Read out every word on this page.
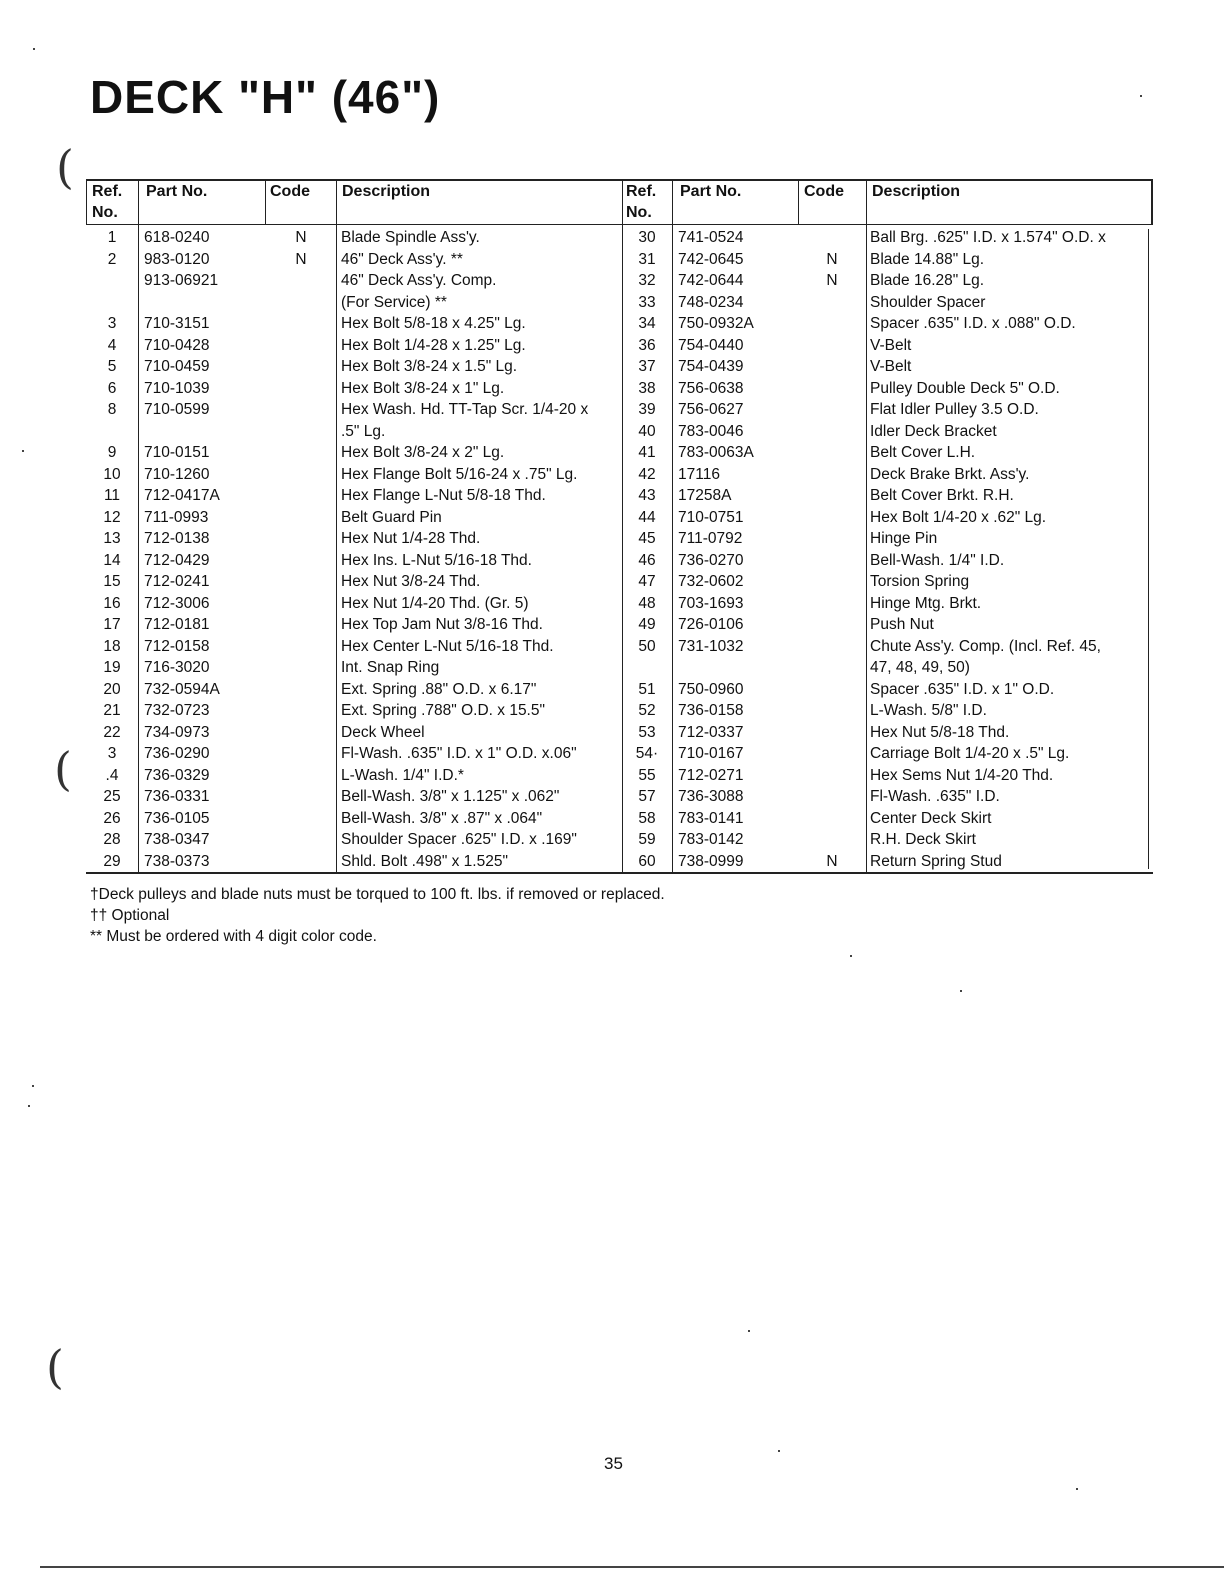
DECK "H" (46")
Ref.
No.
Part No.	Code Description
1	618-0240	N	Blade Spindle Ass'y.
2	983-0120	N	46" Deck Ass'y. **
913-06921	46" Deck Ass'y. Comp.
(For Service) **
3	710-3151	Hex Bolt 5/8-18 x 4.25" Lg.
4	710-0428	Hex Bolt 1/4-28 x 1.25" Lg.
5	710-0459	Hex Bolt 3/8-24 x 1.5" Lg.
6	710-1039	Hex Bolt 3/8-24 x 1" Lg.
8	710-0599	Hex Wash. Hd. TT-Tap Scr. 1/4-20 x
.5" Lg.
9	710-0151	Hex Bolt 3/8-24 x 2" Lg.
10	710-1260	Hex Flange Bolt 5/16-24 x .75" Lg.
11	712-0417A	Hex Flange L-Nut 5/8-18 Thd.
12	711-0993	Belt Guard Pin
13	712-0138	Hex Nut 1/4-28 Thd.
14	712-0429	Hex Ins. L-Nut 5/16-18 Thd.
15	712-0241	Hex Nut 3/8-24 Thd.
16	712-3006	Hex Nut 1/4-20 Thd. (Gr. 5)
17	712-0181	Hex Top Jam Nut 3/8-16 Thd.
18	712-0158	Hex Center L-Nut 5/16-18 Thd.
19	716-3020	Int. Snap Ring
20	732-0594A	Ext. Spring .88" O.D. x 6.17"
21	732-0723	Ext. Spring .788" O.D. x 15.5"
22	734-0973	Deck Wheel
3	736-0290	Fl-Wash. .635" I.D. x 1" O.D. x.06"
.4	736-0329	L-Wash. 1/4" I.D.*
25	736-0331	Bell-Wash. 3/8" x 1.125" x .062"
26	736-0105	Bell-Wash. 3/8" x .87" x .064"
28	738-0347	Shoulder Spacer .625" I.D. x .169"
29	738-0373	Shld. Bolt .498" x 1.525"
Ref.
No.
Part No.	Code Description
30	741-0524	Ball Brg. .625" I.D. x 1.574" O.D. x
31	742-0645	N	Blade 14.88" Lg.
32	742-0644	N	Blade 16.28" Lg.
33	748-0234	Shoulder Spacer
34	750-0932A	Spacer .635" I.D. x .088" O.D.
36	754-0440	V-Belt
37	754-0439	V-Belt
38	756-0638	Pulley Double Deck 5" O.D.
39	756-0627	Flat Idler Pulley 3.5 O.D.
40	783-0046	Idler Deck Bracket
41	783-0063A	Belt Cover L.H.
42	17116	Deck Brake Brkt. Ass'y.
43	17258A	Belt Cover Brkt. R.H.
44	710-0751	Hex Bolt 1/4-20 x .62" Lg.
45	711-0792	Hinge Pin
46	736-0270	Bell-Wash. 1/4" I.D.
47	732-0602	Torsion Spring
48	703-1693	Hinge Mtg. Brkt.
49	726-0106	Push Nut
50	731-1032	Chute Ass'y. Comp. (Incl. Ref. 45,
47, 48, 49, 50)
51	750-0960	Spacer .635" I.D. x 1" O.D.
52	736-0158	L-Wash. 5/8" I.D.
53	712-0337	Hex Nut 5/8-18 Thd.
54·	710-0167	Carriage Bolt 1/4-20 x .5" Lg.
55	712-0271	Hex Sems Nut 1/4-20 Thd.
57	736-3088	Fl-Wash. .635" I.D.
58	783-0141	Center Deck Skirt
59	783-0142	R.H. Deck Skirt
60	738-0999	N	Return Spring Stud
†Deck pulleys and blade nuts must be torqued to 100 ft. lbs. if removed or replaced.
†† Optional
** Must be ordered with 4 digit color code.
35
(
(
(
